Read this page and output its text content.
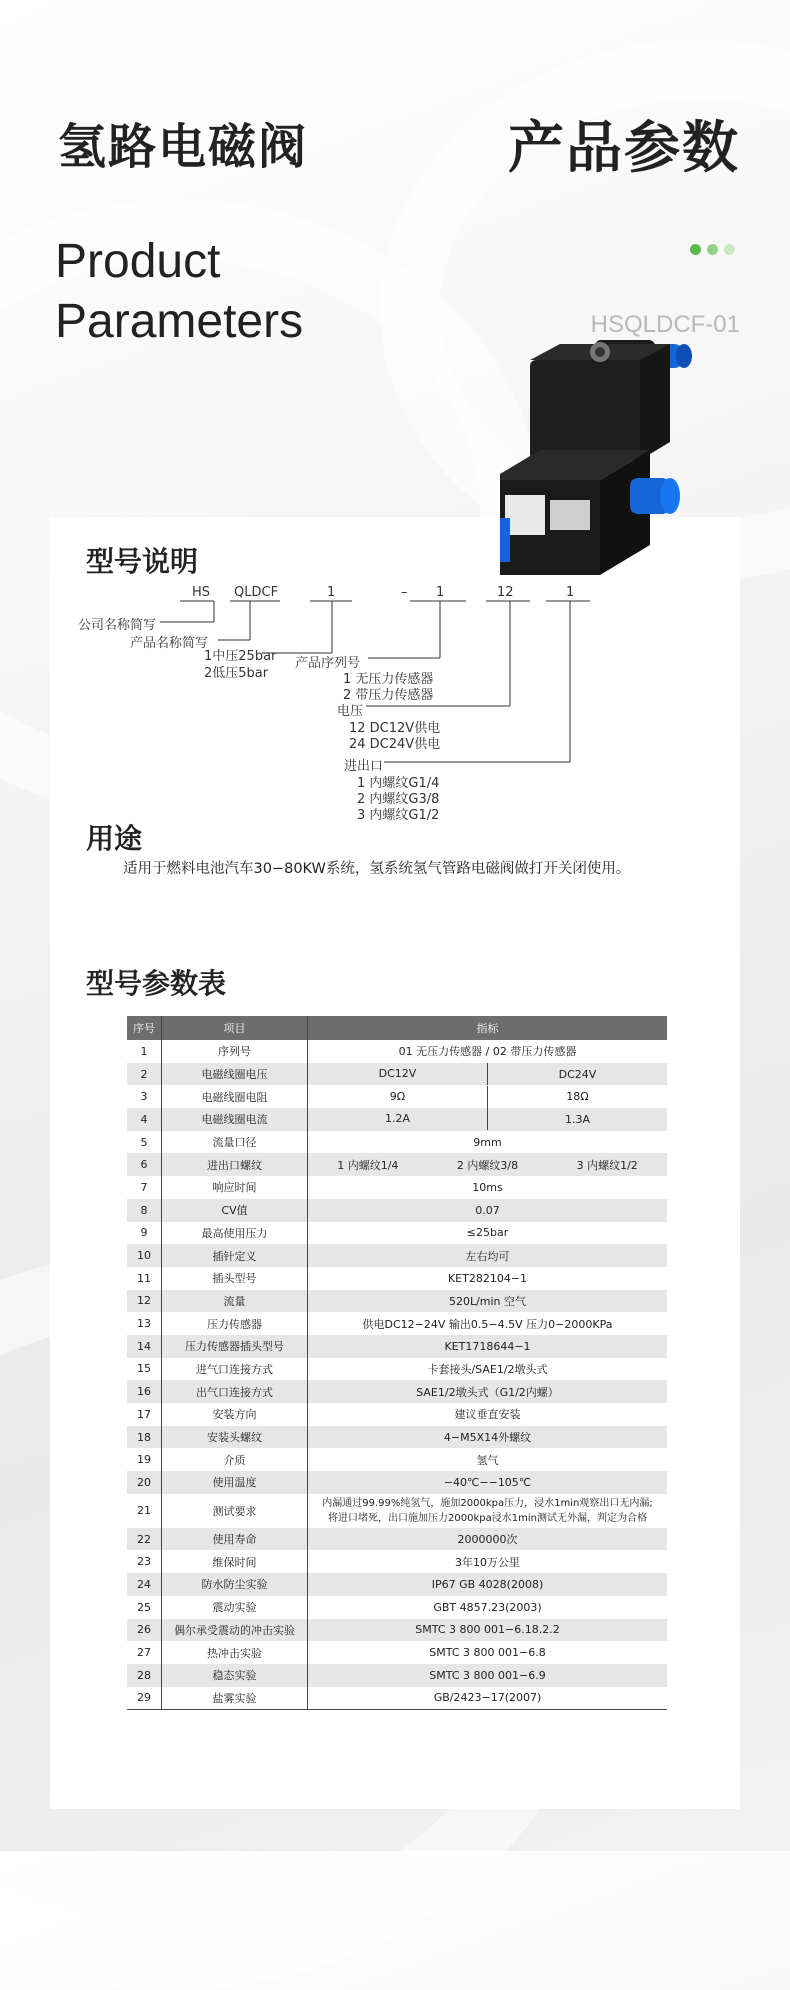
氢路电磁阀	产品参数
Product
Parameters	HSQLDCF-01
型号说明
HS QLDCF	1	– 1	12	1
公司名称简写
产品名称简写
1中压25bar
2低压5bar
产品序列号
1 无压力传感器
2 带压力传感器
电压
12 DC12V供电
24 DC24V供电
进出口
1 内螺纹G1/4
2 内螺纹G3/8
3 内螺纹G1/2
用途
适用于燃料电池汽车30−80KW系统，氢系统氢气管路电磁阀做打开关闭使用。
型号参数表
序号	项目	指标
1	序列号	01 无压力传感器 / 02 带压力传感器
2	电磁线圈电压	DC12V DC24V

3	电磁线圈电阻	9Ω 18Ω

4	电磁线圈电流	1.2A 1.3A

5	流量口径	9mm
6	进出口螺纹	1 内螺纹1/4 2 内螺纹3/8 3 内螺纹1/2

7	响应时间	10ms
8	CV值	0.07
9	最高使用压力	≤25bar
10	插针定义	左右均可
11	插头型号	KET282104−1
12	流量	520L/min 空气
13	压力传感器	供电DC12−24V 输出0.5−4.5V 压力0−2000KPa
14	压力传感器插头型号	KET1718644−1
15	进气口连接方式	卡套接头/SAE1/2墩头式
16	出气口连接方式	SAE1/2墩头式（G1/2内螺）
17	安装方向	建议垂直安装
18	安装头螺纹	4−M5X14外螺纹
19	介质	氢气
20	使用温度	−40℃−−105℃
21	测试要求	内漏通过99.99%纯氢气，施加2000kpa压力，浸水1min观察出口无内漏;
将进口堵死，出口施加压力2000kpa浸水1min测试无外漏，判定为合格

22	使用寿命	2000000次
23	维保时间	3年10万公里
24	防水防尘实验	IP67 GB 4028(2008)
25	震动实验	GBT 4857.23(2003)
26	偶尔承受震动的冲击实验	SMTC 3 800 001−6.18.2.2
27	热冲击实验	SMTC 3 800 001−6.8
28	稳态实验	SMTC 3 800 001−6.9
29	盐雾实验	GB/2423−17(2007)
